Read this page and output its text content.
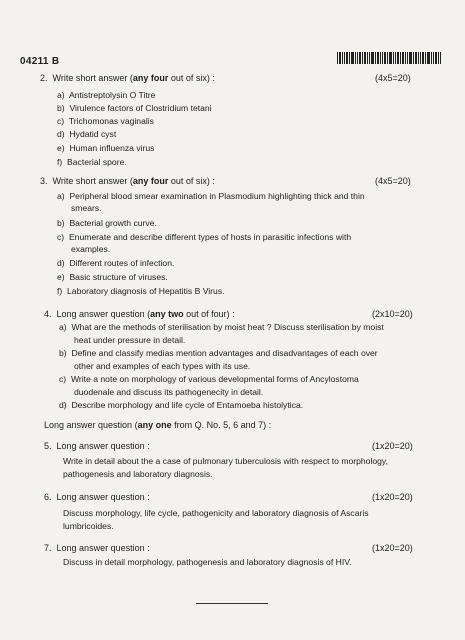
04211 B
2. Write short answer (any four out of six) :	(4x5=20)
a) Antistreptolysin O Titre
b) Virulence factors of Clostridium tetani
c) Trichomonas vaginalis
d) Hydatid cyst
e) Human influenza virus
f) Bacterial spore.
3. Write short answer (any four out of six) :	(4x5=20)
a) Peripheral blood smear examination in Plasmodium highlighting thick and thin
smears.
b) Bacterial growth curve.
c) Enumerate and describe different types of hosts in parasitic infections with
examples.
d) Different routes of infection.
e) Basic structure of viruses.
f) Laboratory diagnosis of Hepatitis B Virus.
4. Long answer question (any two out of four) :	(2x10=20)
a) What are the methods of sterilisation by moist heat ? Discuss sterilisation by moist
heat under pressure in detail.
b) Define and classify medias mention advantages and disadvantages of each over
other and examples of each types with its use.
c) Write a note on morphology of various developmental forms of Ancylostoma
duodenale and discuss its pathogenecity in detail.
d) Describe morphology and life cycle of Entamoeba histolytica.
Long answer question (any one from Q. No. 5, 6 and 7) :
5. Long answer question :	(1x20=20)
Write in detail about the a case of pulmonary tuberculosis with respect to morphology,
pathogenesis and laboratory diagnosis.
6. Long answer question :	(1x20=20)
Discuss morphology, life cycle, pathogenicity and laboratory diagnosis of Ascaris
lumbricoides.
7. Long answer question :	(1x20=20)
Discuss in detail morphology, pathogenesis and laboratory diagnosis of HIV.
